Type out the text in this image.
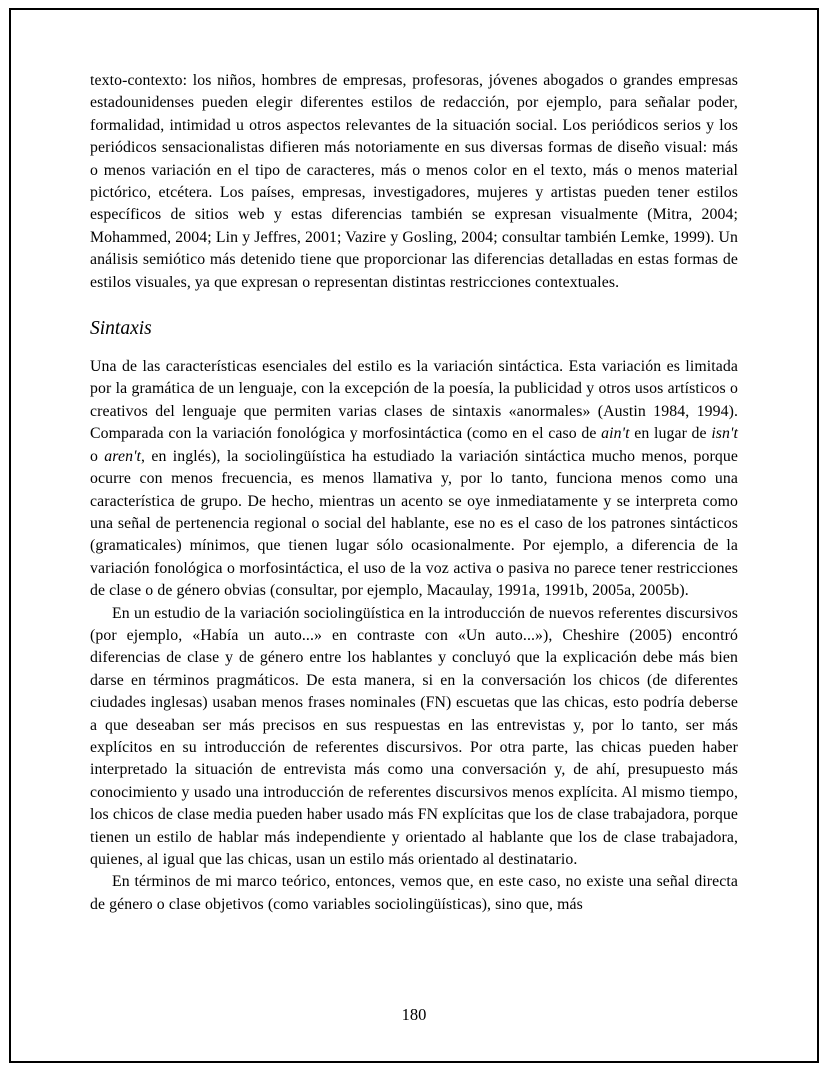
texto-contexto: los niños, hombres de empresas, profesoras, jóvenes abogados o grandes empresas estadounidenses pueden elegir diferentes estilos de redacción, por ejemplo, para señalar poder, formalidad, intimidad u otros aspectos relevantes de la situación social. Los periódicos serios y los periódicos sensacionalistas difieren más notoriamente en sus diversas formas de diseño visual: más o menos variación en el tipo de caracteres, más o menos color en el texto, más o menos material pictórico, etcétera. Los países, empresas, investigadores, mujeres y artistas pueden tener estilos específicos de sitios web y estas diferencias también se expresan visualmente (Mitra, 2004; Mohammed, 2004; Lin y Jeffres, 2001; Vazire y Gosling, 2004; consultar también Lemke, 1999). Un análisis semiótico más detenido tiene que proporcionar las diferencias detalladas en estas formas de estilos visuales, ya que expresan o representan distintas restricciones contextuales.

Sintaxis

Una de las características esenciales del estilo es la variación sintáctica. Esta variación es limitada por la gramática de un lenguaje, con la excepción de la poesía, la publicidad y otros usos artísticos o creativos del lenguaje que permiten varias clases de sintaxis «anormales» (Austin 1984, 1994). Comparada con la variación fonológica y morfosintáctica (como en el caso de ain't en lugar de isn't o aren't, en inglés), la sociolingüística ha estudiado la variación sintáctica mucho menos, porque ocurre con menos frecuencia, es menos llamativa y, por lo tanto, funciona menos como una característica de grupo. De hecho, mientras un acento se oye inmediatamente y se interpreta como una señal de pertenencia regional o social del hablante, ese no es el caso de los patrones sintácticos (gramaticales) mínimos, que tienen lugar sólo ocasionalmente. Por ejemplo, a diferencia de la variación fonológica o morfosintáctica, el uso de la voz activa o pasiva no parece tener restricciones de clase o de género obvias (consultar, por ejemplo, Macaulay, 1991a, 1991b, 2005a, 2005b).

En un estudio de la variación sociolingüística en la introducción de nuevos referentes discursivos (por ejemplo, «Había un auto...» en contraste con «Un auto...»), Cheshire (2005) encontró diferencias de clase y de género entre los hablantes y concluyó que la explicación debe más bien darse en términos pragmáticos. De esta manera, si en la conversación los chicos (de diferentes ciudades inglesas) usaban menos frases nominales (FN) escuetas que las chicas, esto podría deberse a que deseaban ser más precisos en sus respuestas en las entrevistas y, por lo tanto, ser más explícitos en su introducción de referentes discursivos. Por otra parte, las chicas pueden haber interpretado la situación de entrevista más como una conversación y, de ahí, presupuesto más conocimiento y usado una introducción de referentes discursivos menos explícita. Al mismo tiempo, los chicos de clase media pueden haber usado más FN explícitas que los de clase trabajadora, porque tienen un estilo de hablar más independiente y orientado al hablante que los de clase trabajadora, quienes, al igual que las chicas, usan un estilo más orientado al destinatario.

En términos de mi marco teórico, entonces, vemos que, en este caso, no existe una señal directa de género o clase objetivos (como variables sociolingüísticas), sino que, más

180
